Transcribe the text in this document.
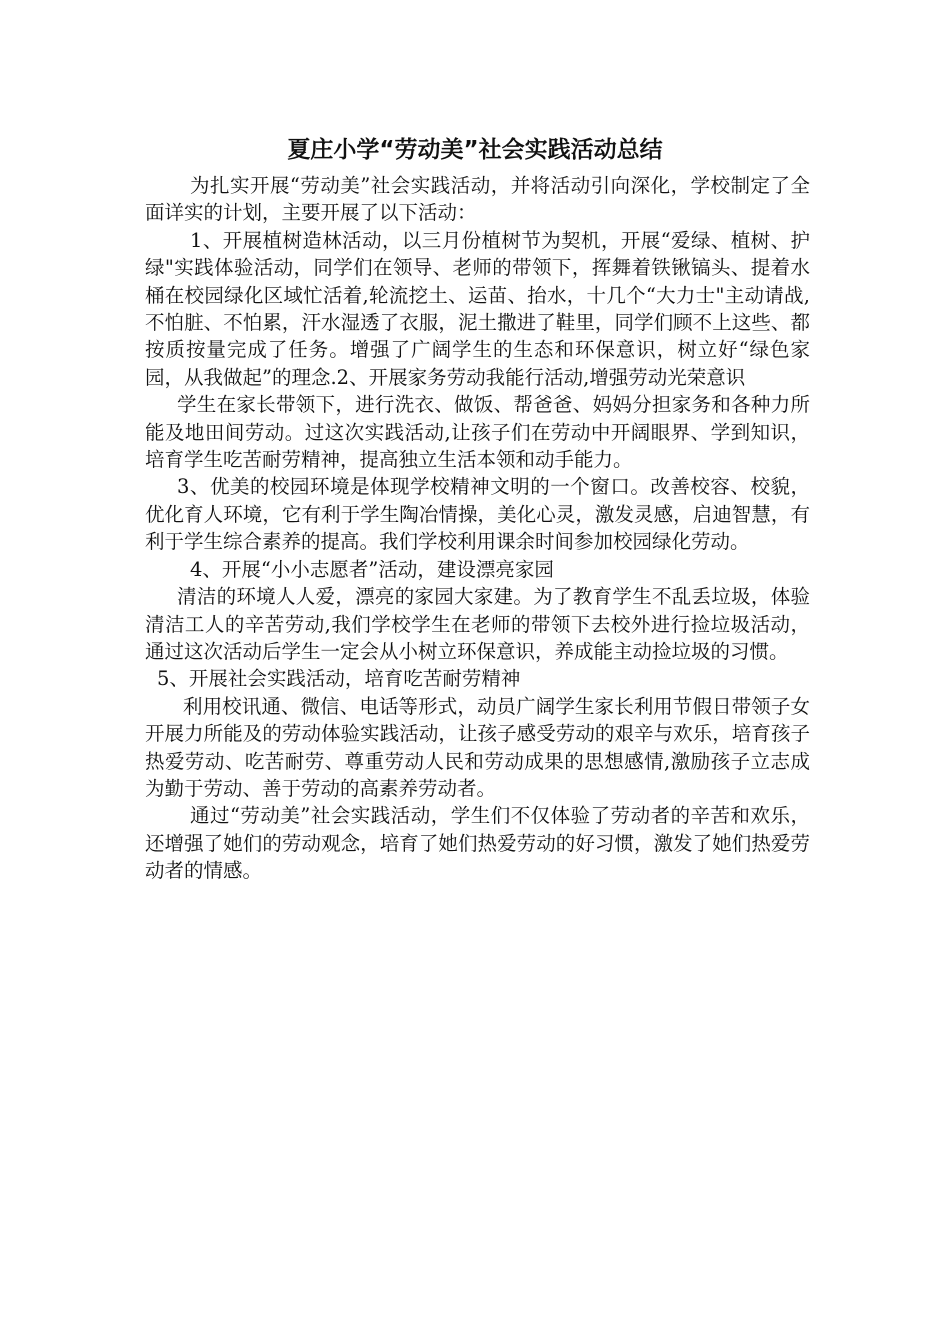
夏庄小学“劳动美”社会实践活动总结

为扎实开展“劳动美”社会实践活动，并将活动引向深化，学校制定了全面详实的计划，主要开展了以下活动：

1、开展植树造林活动，以三月份植树节为契机，开展“爱绿、植树、护绿"实践体验活动，同学们在领导、老师的带领下，挥舞着铁锹镐头、提着水桶在校园绿化区域忙活着,轮流挖土、运苗、抬水，十几个“大力士"主动请战,不怕脏、不怕累，汗水湿透了衣服，泥土撒进了鞋里，同学们顾不上这些、都按质按量完成了任务。增强了广阔学生的生态和环保意识，树立好“绿色家园，从我做起”的理念.2、开展家务劳动我能行活动,增强劳动光荣意识

学生在家长带领下，进行洗衣、做饭、帮爸爸、妈妈分担家务和各种力所能及地田间劳动。过这次实践活动,让孩子们在劳动中开阔眼界、学到知识，培育学生吃苦耐劳精神，提高独立生活本领和动手能力。

3、优美的校园环境是体现学校精神文明的一个窗口。改善校容、校貌，优化育人环境，它有利于学生陶冶情操，美化心灵，激发灵感，启迪智慧，有利于学生综合素养的提高。我们学校利用课余时间参加校园绿化劳动。

4、开展“小小志愿者”活动，建设漂亮家园

清洁的环境人人爱，漂亮的家园大家建。为了教育学生不乱丢垃圾，体验清洁工人的辛苦劳动,我们学校学生在老师的带领下去校外进行捡垃圾活动，通过这次活动后学生一定会从小树立环保意识，养成能主动捡垃圾的习惯。

5、开展社会实践活动，培育吃苦耐劳精神

利用校讯通、微信、电话等形式，动员广阔学生家长利用节假日带领子女开展力所能及的劳动体验实践活动，让孩子感受劳动的艰辛与欢乐，培育孩子热爱劳动、吃苦耐劳、尊重劳动人民和劳动成果的思想感情,激励孩子立志成为勤于劳动、善于劳动的高素养劳动者。

通过“劳动美”社会实践活动，学生们不仅体验了劳动者的辛苦和欢乐，还增强了她们的劳动观念，培育了她们热爱劳动的好习惯，激发了她们热爱劳动者的情感。
